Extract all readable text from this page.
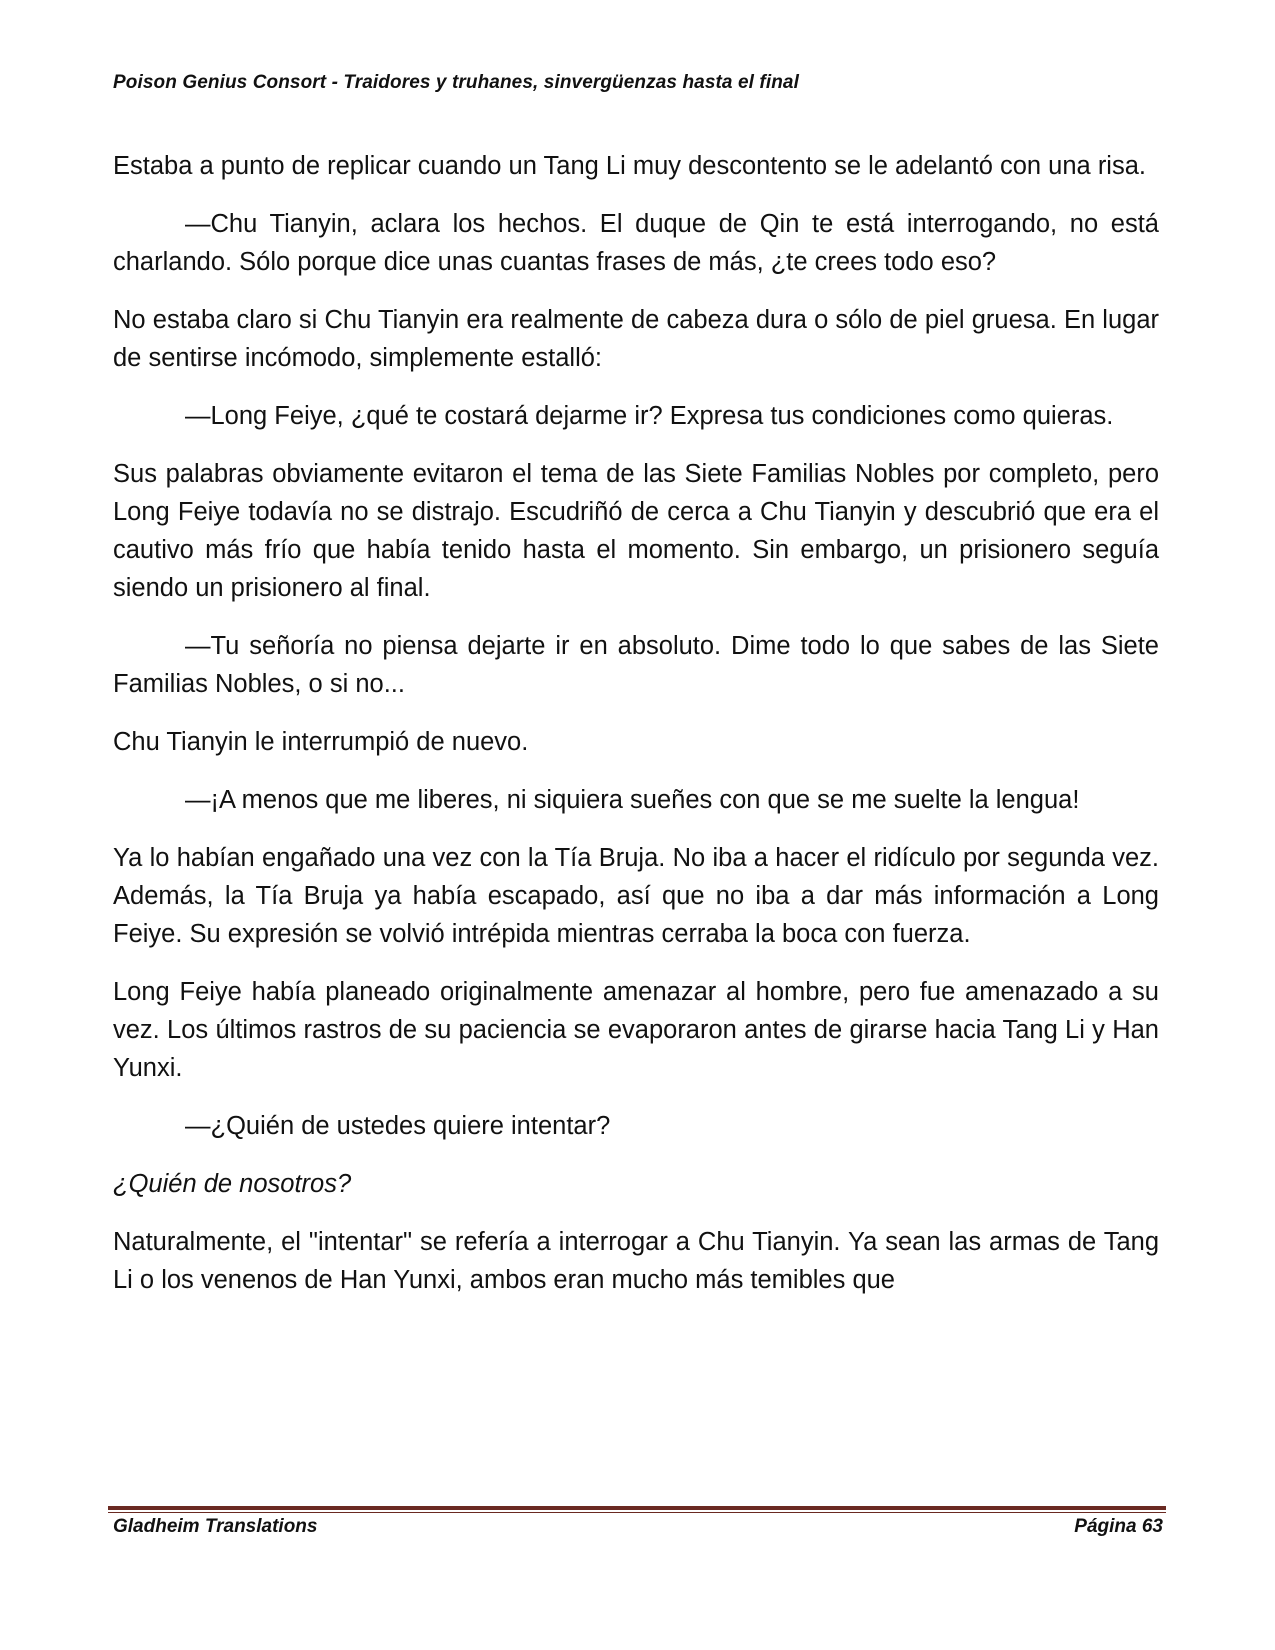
Poison Genius Consort - Traidores y truhanes, sinvergüenzas hasta el final

Estaba a punto de replicar cuando un Tang Li muy descontento se le adelantó con una risa.

—Chu Tianyin, aclara los hechos. El duque de Qin te está interrogando, no está charlando. Sólo porque dice unas cuantas frases de más, ¿te crees todo eso?

No estaba claro si Chu Tianyin era realmente de cabeza dura o sólo de piel gruesa. En lugar de sentirse incómodo, simplemente estalló:

—Long Feiye, ¿qué te costará dejarme ir? Expresa tus condiciones como quieras.

Sus palabras obviamente evitaron el tema de las Siete Familias Nobles por completo, pero Long Feiye todavía no se distrajo. Escudriñó de cerca a Chu Tianyin y descubrió que era el cautivo más frío que había tenido hasta el momento. Sin embargo, un prisionero seguía siendo un prisionero al final.

—Tu señoría no piensa dejarte ir en absoluto. Dime todo lo que sabes de las Siete Familias Nobles, o si no...

Chu Tianyin le interrumpió de nuevo.

—¡A menos que me liberes, ni siquiera sueñes con que se me suelte la lengua!

Ya lo habían engañado una vez con la Tía Bruja. No iba a hacer el ridículo por segunda vez. Además, la Tía Bruja ya había escapado, así que no iba a dar más información a Long Feiye. Su expresión se volvió intrépida mientras cerraba la boca con fuerza.

Long Feiye había planeado originalmente amenazar al hombre, pero fue amenazado a su vez. Los últimos rastros de su paciencia se evaporaron antes de girarse hacia Tang Li y Han Yunxi.

—¿Quién de ustedes quiere intentar?

¿Quién de nosotros?

Naturalmente, el "intentar" se refería a interrogar a Chu Tianyin. Ya sean las armas de Tang Li o los venenos de Han Yunxi, ambos eran mucho más temibles que

Gladheim Translations	Página 63
